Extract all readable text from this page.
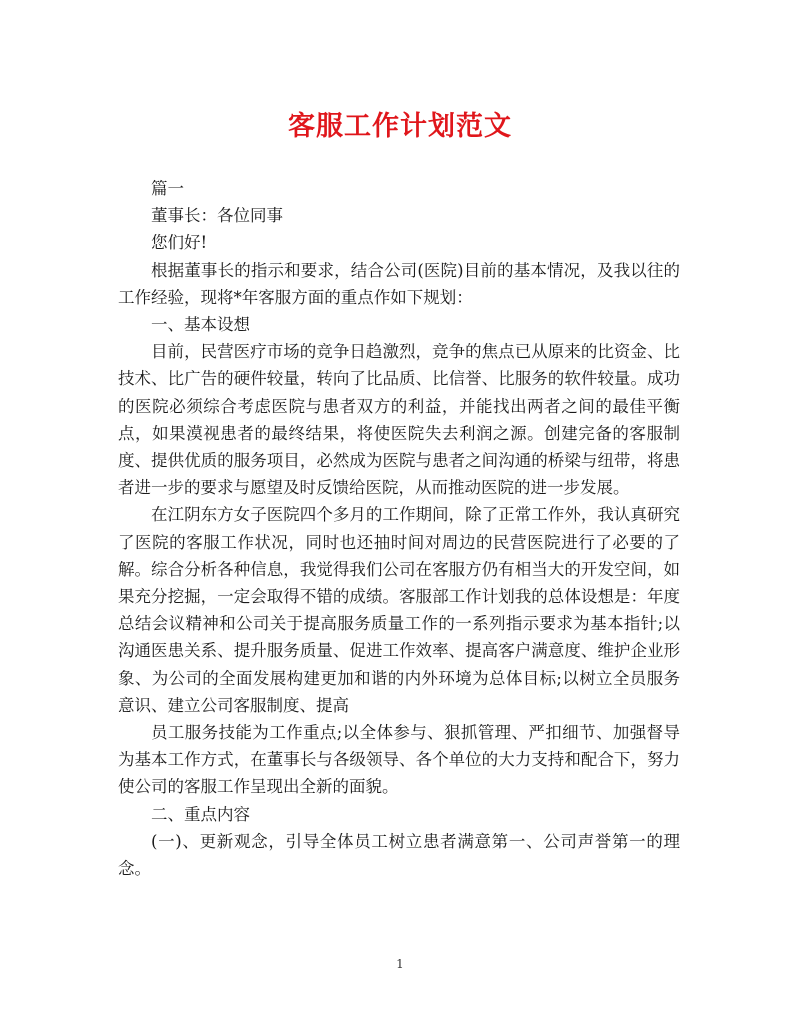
客服工作计划范文

篇一

董事长：各位同事

您们好!

根据董事长的指示和要求，结合公司(医院)目前的基本情况，及我以往的工作经验，现将*年客服方面的重点作如下规划：

一、基本设想

目前，民营医疗市场的竞争日趋激烈，竞争的焦点已从原来的比资金、比技术、比广告的硬件较量，转向了比品质、比信誉、比服务的软件较量。成功的医院必须综合考虑医院与患者双方的利益，并能找出两者之间的最佳平衡点，如果漠视患者的最终结果，将使医院失去利润之源。创建完备的客服制度、提供优质的服务项目，必然成为医院与患者之间沟通的桥梁与纽带，将患者进一步的要求与愿望及时反馈给医院，从而推动医院的进一步发展。

在江阴东方女子医院四个多月的工作期间，除了正常工作外，我认真研究了医院的客服工作状况，同时也还抽时间对周边的民营医院进行了必要的了解。综合分析各种信息，我觉得我们公司在客服方仍有相当大的开发空间，如果充分挖掘，一定会取得不错的成绩。客服部工作计划我的总体设想是：年度总结会议精神和公司关于提高服务质量工作的一系列指示要求为基本指针;以沟通医患关系、提升服务质量、促进工作效率、提高客户满意度、维护企业形象、为公司的全面发展构建更加和谐的内外环境为总体目标;以树立全员服务意识、建立公司客服制度、提高

员工服务技能为工作重点;以全体参与、狠抓管理、严扣细节、加强督导为基本工作方式，在董事长与各级领导、各个单位的大力支持和配合下，努力使公司的客服工作呈现出全新的面貌。

二、重点内容

(一)、更新观念，引导全体员工树立患者满意第一、公司声誉第一的理念。

1
